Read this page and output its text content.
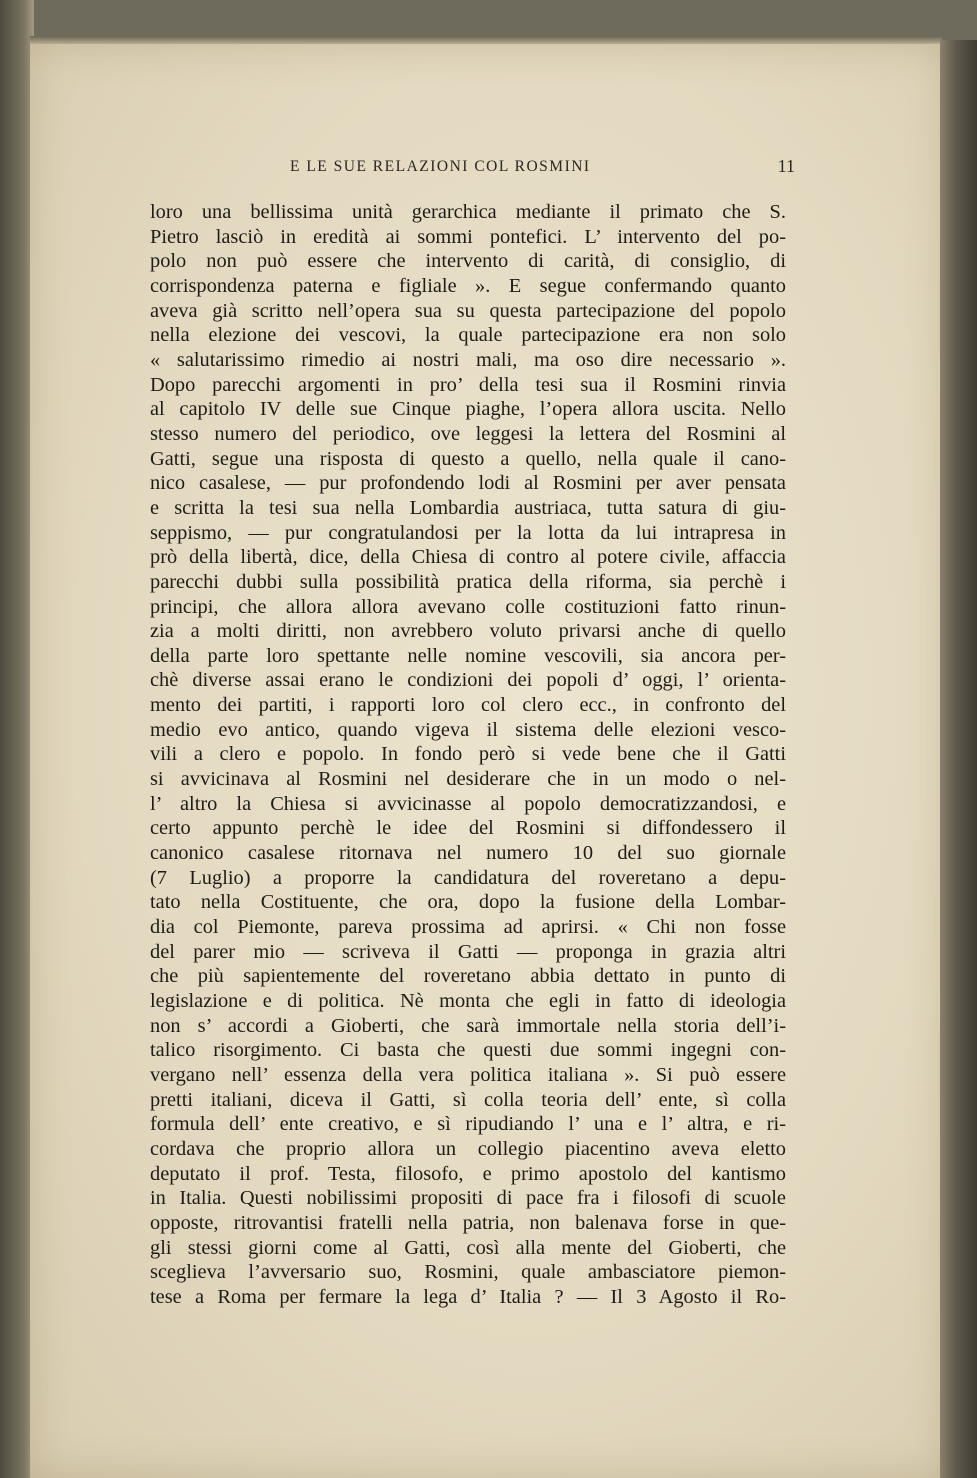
E LE SUE RELAZIONI COL ROSMINI	11
loro una bellissima unità gerarchica mediante il primato che S.
Pietro lasciò in eredità ai sommi pontefici. L’ intervento del po-
polo non può essere che intervento di carità, di consiglio, di
corrispondenza paterna e figliale ». E segue confermando quanto
aveva già scritto nell’opera sua su questa partecipazione del popolo
nella elezione dei vescovi, la quale partecipazione era non solo
« salutarissimo rimedio ai nostri mali, ma oso dire necessario ».
Dopo parecchi argomenti in pro’ della tesi sua il Rosmini rinvia
al capitolo IV delle sue Cinque piaghe, l’opera allora uscita. Nello
stesso numero del periodico, ove leggesi la lettera del Rosmini al
Gatti, segue una risposta di questo a quello, nella quale il cano-
nico casalese, — pur profondendo lodi al Rosmini per aver pensata
e scritta la tesi sua nella Lombardia austriaca, tutta satura di giu-
seppismo, — pur congratulandosi per la lotta da lui intrapresa in
prò della libertà, dice, della Chiesa di contro al potere civile, affaccia
parecchi dubbi sulla possibilità pratica della riforma, sia perchè i
principi, che allora allora avevano colle costituzioni fatto rinun-
zia a molti diritti, non avrebbero voluto privarsi anche di quello
della parte loro spettante nelle nomine vescovili, sia ancora per-
chè diverse assai erano le condizioni dei popoli d’ oggi, l’ orienta-
mento dei partiti, i rapporti loro col clero ecc., in confronto del
medio evo antico, quando vigeva il sistema delle elezioni vesco-
vili a clero e popolo. In fondo però si vede bene che il Gatti
si avvicinava al Rosmini nel desiderare che in un modo o nel-
l’ altro la Chiesa si avvicinasse al popolo democratizzandosi, e
certo appunto perchè le idee del Rosmini si diffondessero il
canonico casalese ritornava nel numero 10 del suo giornale
(7 Luglio) a proporre la candidatura del roveretano a depu-
tato nella Costituente, che ora, dopo la fusione della Lombar-
dia col Piemonte, pareva prossima ad aprirsi. « Chi non fosse
del parer mio — scriveva il Gatti — proponga in grazia altri
che più sapientemente del roveretano abbia dettato in punto di
legislazione e di politica. Nè monta che egli in fatto di ideologia
non s’ accordi a Gioberti, che sarà immortale nella storia dell’i-
talico risorgimento. Ci basta che questi due sommi ingegni con-
vergano nell’ essenza della vera politica italiana ». Si può essere
pretti italiani, diceva il Gatti, sì colla teoria dell’ ente, sì colla
formula dell’ ente creativo, e sì ripudiando l’ una e l’ altra, e ri-
cordava che proprio allora un collegio piacentino aveva eletto
deputato il prof. Testa, filosofo, e primo apostolo del kantismo
in Italia. Questi nobilissimi propositi di pace fra i filosofi di scuole
opposte, ritrovantisi fratelli nella patria, non balenava forse in que-
gli stessi giorni come al Gatti, così alla mente del Gioberti, che
sceglieva l’avversario suo, Rosmini, quale ambasciatore piemon-
tese a Roma per fermare la lega d’ Italia ? — Il 3 Agosto il Ro-
